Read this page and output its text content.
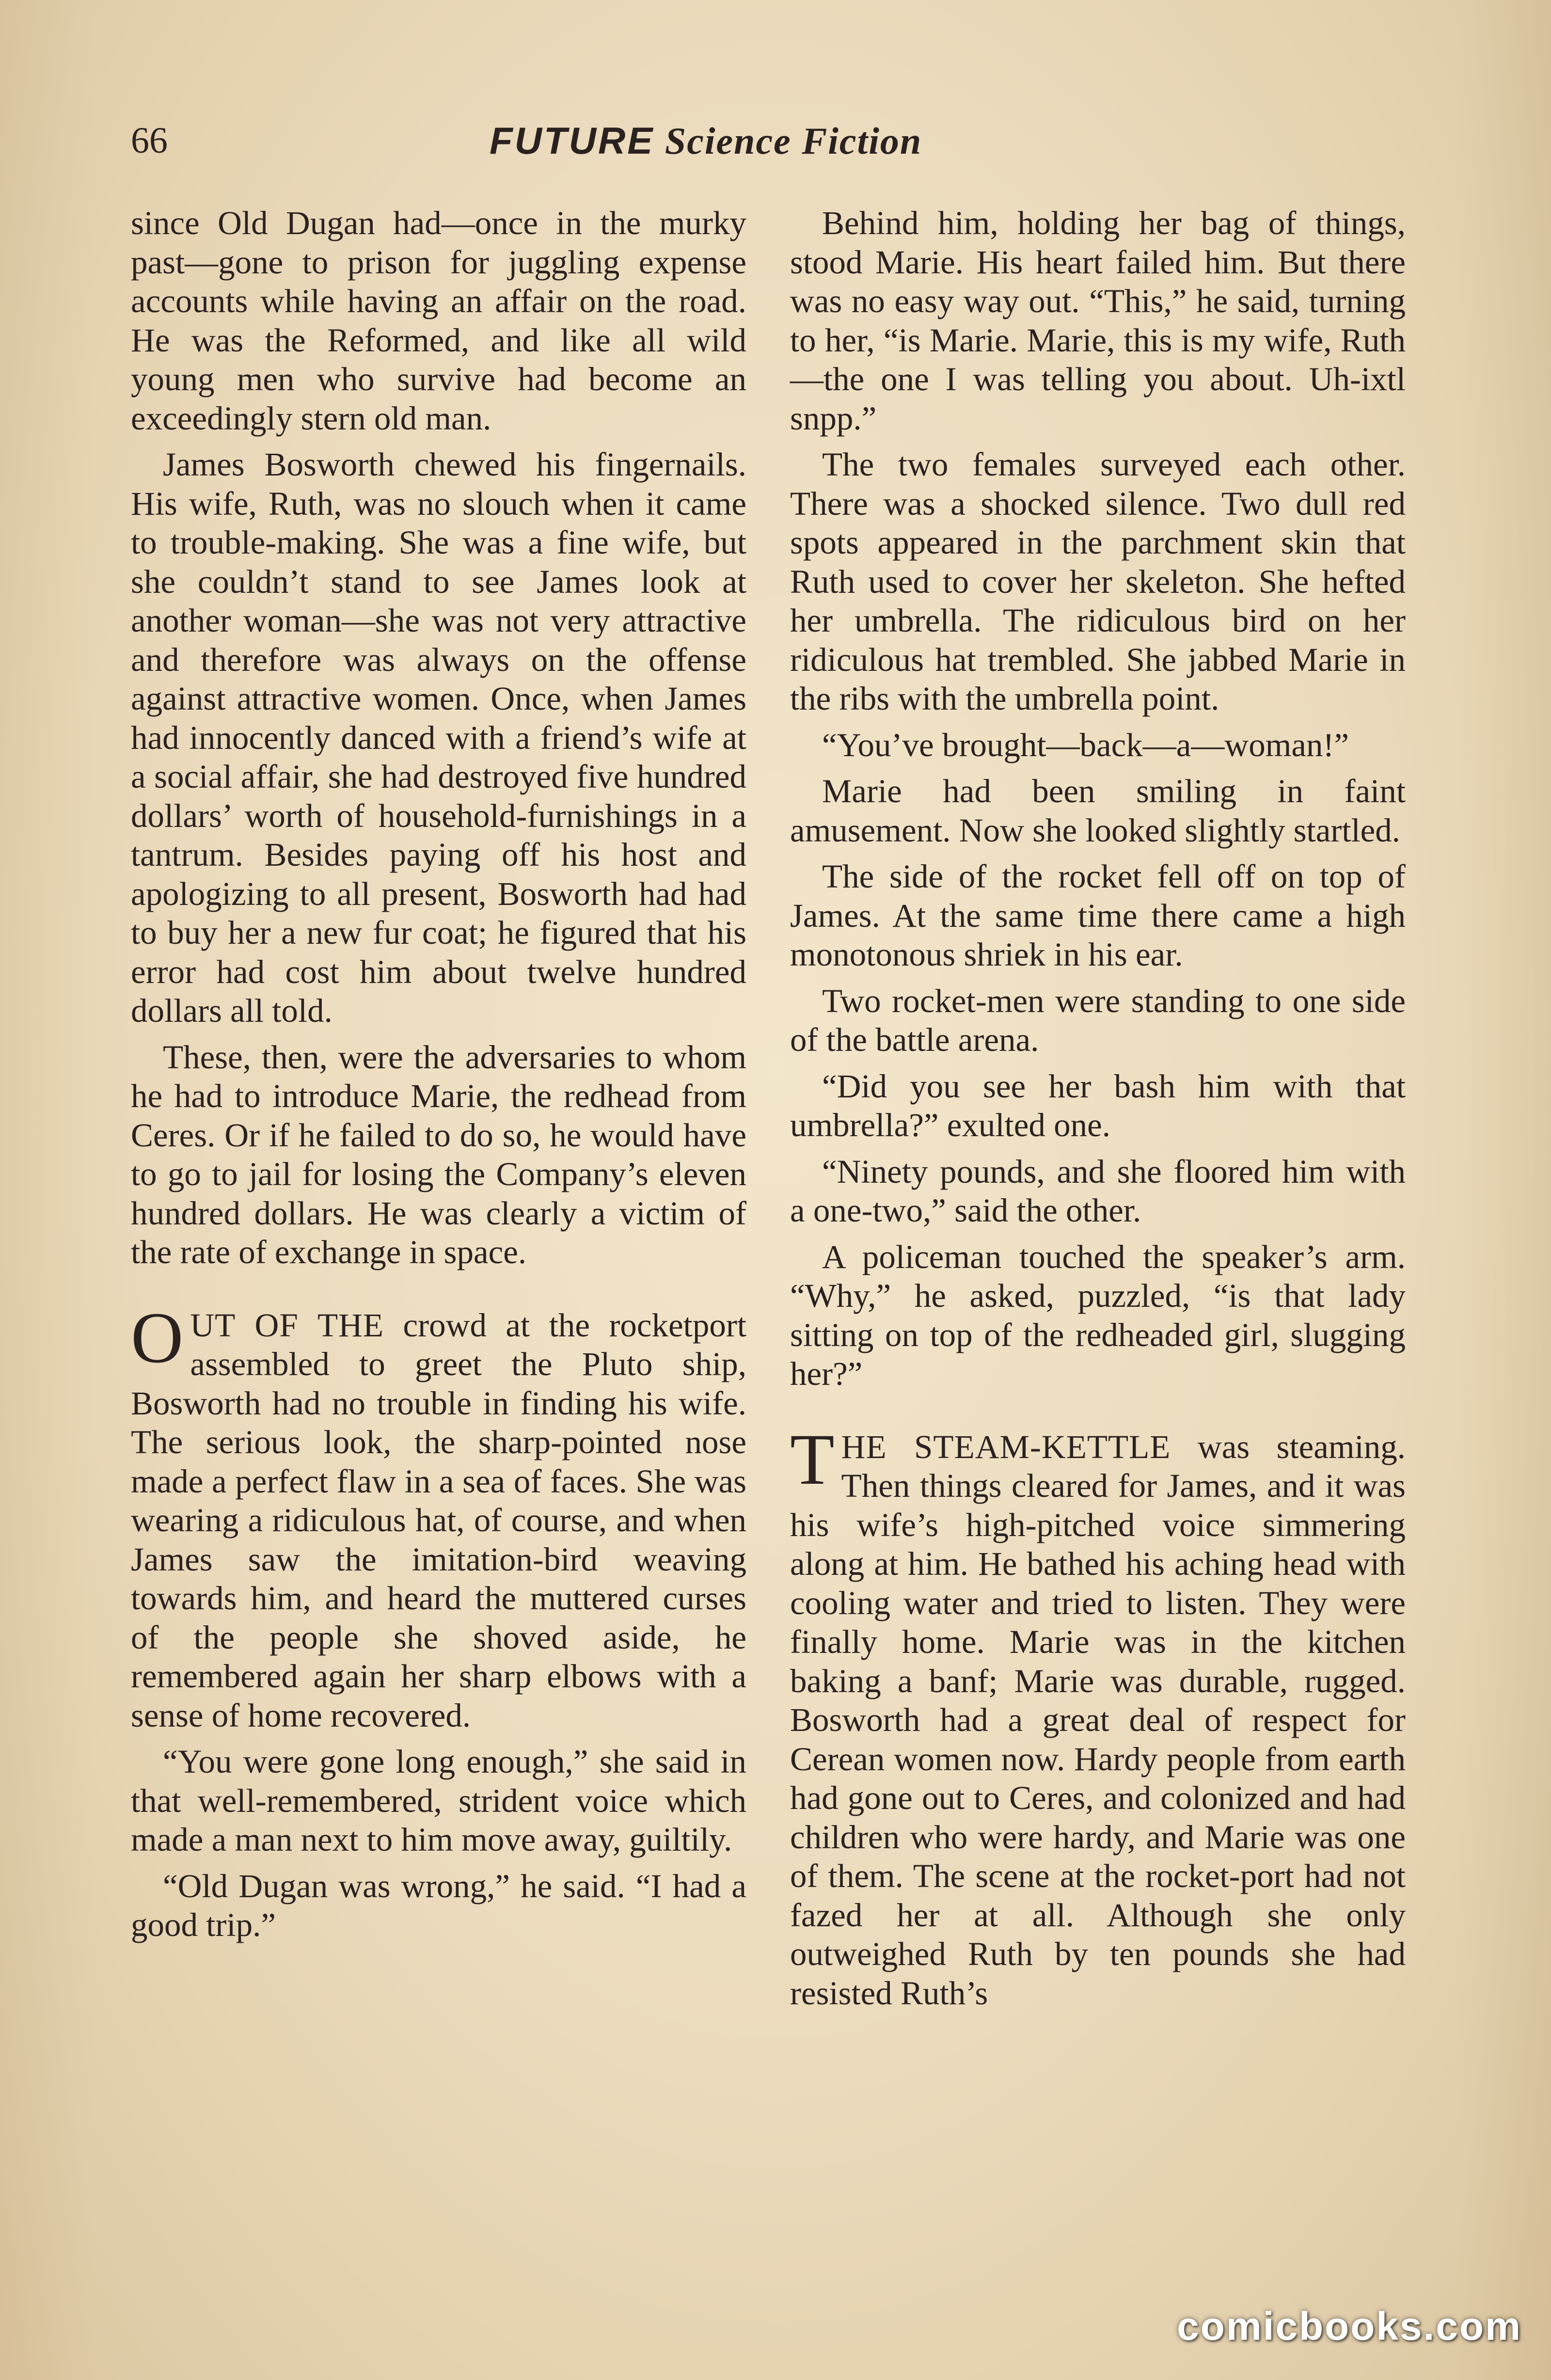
66	FUTURE Science Fiction

since Old Dugan had—once in the murky past—gone to prison for juggling expense accounts while having an affair on the road. He was the Reformed, and like all wild young men who survive had become an exceedingly stern old man.

James Bosworth chewed his fingernails. His wife, Ruth, was no slouch when it came to trouble-making. She was a fine wife, but she couldn’t stand to see James look at another woman—she was not very attractive and therefore was always on the offense against attractive women. Once, when James had innocently danced with a friend’s wife at a social affair, she had destroyed five hundred dollars’ worth of household-furnishings in a tantrum. Besides paying off his host and apologizing to all present, Bosworth had had to buy her a new fur coat; he figured that his error had cost him about twelve hundred dollars all told.

These, then, were the adversaries to whom he had to introduce Marie, the redhead from Ceres. Or if he failed to do so, he would have to go to jail for losing the Company’s eleven hundred dollars. He was clearly a victim of the rate of exchange in space.

OUT OF THE crowd at the rocketport assembled to greet the Pluto ship, Bosworth had no trouble in finding his wife. The serious look, the sharp-pointed nose made a perfect flaw in a sea of faces. She was wearing a ridiculous hat, of course, and when James saw the imitation-bird weaving towards him, and heard the muttered curses of the people she shoved aside, he remembered again her sharp elbows with a sense of home recovered.

“You were gone long enough,” she said in that well-remembered, strident voice which made a man next to him move away, guiltily.

“Old Dugan was wrong,” he said. “I had a good trip.”

Behind him, holding her bag of things, stood Marie. His heart failed him. But there was no easy way out. “This,” he said, turning to her, “is Marie. Marie, this is my wife, Ruth—the one I was telling you about. Uh-ixtl snpp.”

The two females surveyed each other. There was a shocked silence. Two dull red spots appeared in the parchment skin that Ruth used to cover her skeleton. She hefted her umbrella. The ridiculous bird on her ridiculous hat trembled. She jabbed Marie in the ribs with the umbrella point.

“You’ve brought—back—a—woman!”

Marie had been smiling in faint amusement. Now she looked slightly startled.

The side of the rocket fell off on top of James. At the same time there came a high monotonous shriek in his ear.

Two rocket-men were standing to one side of the battle arena.

“Did you see her bash him with that umbrella?” exulted one.

“Ninety pounds, and she floored him with a one-two,” said the other.

A policeman touched the speaker’s arm. “Why,” he asked, puzzled, “is that lady sitting on top of the redheaded girl, slugging her?”

THE STEAM-KETTLE was steaming. Then things cleared for James, and it was his wife’s high-pitched voice simmering along at him. He bathed his aching head with cooling water and tried to listen. They were finally home. Marie was in the kitchen baking a banf; Marie was durable, rugged. Bosworth had a great deal of respect for Cerean women now. Hardy people from earth had gone out to Ceres, and colonized and had children who were hardy, and Marie was one of them. The scene at the rocket-port had not fazed her at all. Although she only outweighed Ruth by ten pounds she had resisted Ruth’s

comicbooks.com
